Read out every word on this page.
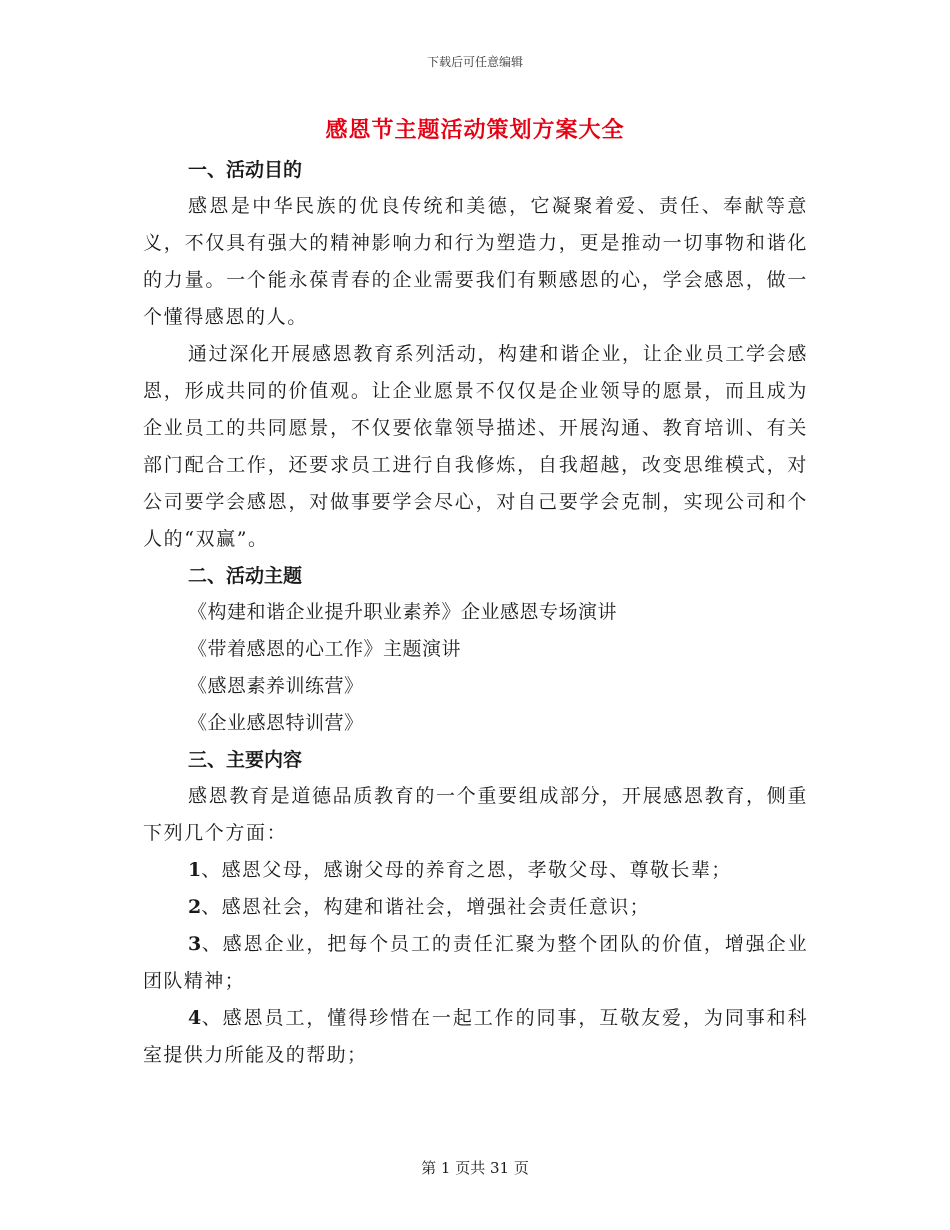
下载后可任意编辑
感恩节主题活动策划方案大全

一、活动目的

感恩是中华民族的优良传统和美德，它凝聚着爱、责任、奉献等意义，不仅具有强大的精神影响力和行为塑造力，更是推动一切事物和谐化的力量。一个能永葆青春的企业需要我们有颗感恩的心，学会感恩，做一个懂得感恩的人。

通过深化开展感恩教育系列活动，构建和谐企业，让企业员工学会感恩，形成共同的价值观。让企业愿景不仅仅是企业领导的愿景，而且成为企业员工的共同愿景，不仅要依靠领导描述、开展沟通、教育培训、有关部门配合工作，还要求员工进行自我修炼，自我超越，改变思维模式，对公司要学会感恩，对做事要学会尽心，对自己要学会克制，实现公司和个人的“双赢”。

二、活动主题

《构建和谐企业提升职业素养》企业感恩专场演讲

《带着感恩的心工作》主题演讲

《感恩素养训练营》

《企业感恩特训营》

三、主要内容

感恩教育是道德品质教育的一个重要组成部分，开展感恩教育，侧重下列几个方面：

1、感恩父母，感谢父母的养育之恩，孝敬父母、尊敬长辈；

2、感恩社会，构建和谐社会，增强社会责任意识；

3、感恩企业，把每个员工的责任汇聚为整个团队的价值，增强企业团队精神；

4、感恩员工，懂得珍惜在一起工作的同事，互敬友爱，为同事和科室提供力所能及的帮助；

第 1 页共 31 页
